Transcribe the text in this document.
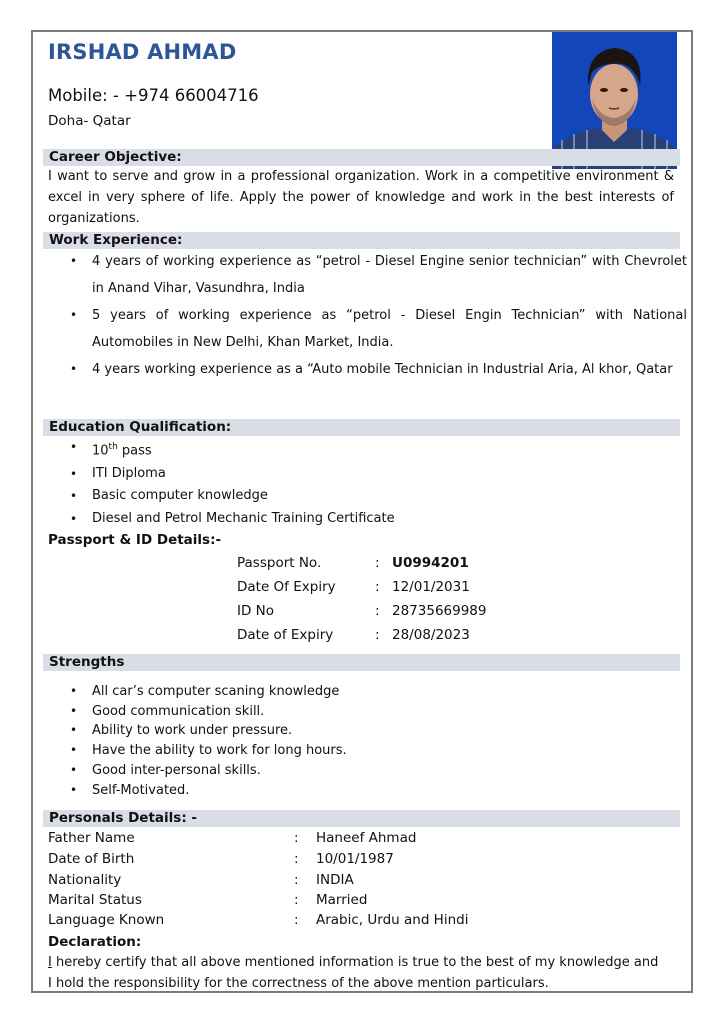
IRSHAD AHMAD
Mobile: - +974 66004716
Doha- Qatar
Career Objective:
I want to serve and grow in a professional organization. Work in a competitive environment & excel in very sphere of life. Apply the power of knowledge and work in the best interests of organizations.
Work Experience:
• 4 years of working experience as “petrol - Diesel Engine senior technician” with Chevrolet in Anand Vihar, Vasundhra, India
• 5 years of working experience as “petrol - Diesel Engin Technician” with National Automobiles in New Delhi, Khan Market, India.
• 4 years working experience as a “Auto mobile Technician in Industrial Aria, Al khor, Qatar
Education Qualification:
• 10th pass
• ITI Diploma
• Basic computer knowledge
• Diesel and Petrol Mechanic Training Certificate
Passport & ID Details:-
Passport No.	: U0994201
Date Of Expiry	: 12/01/2031
ID No	: 28735669989
Date of Expiry	: 28/08/2023
Strengths
• All car’s computer scaning knowledge
• Good communication skill.
• Ability to work under pressure.
• Have the ability to work for long hours.
• Good inter-personal skills.
• Self-Motivated.
Personals Details: -
Father Name	: Haneef Ahmad
Date of Birth	: 10/01/1987
Nationality	: INDIA
Marital Status	: Married
Language Known	: Arabic, Urdu and Hindi
Declaration:
I hereby certify that all above mentioned information is true to the best of my knowledge and
I hold the responsibility for the correctness of the above mention particulars.
